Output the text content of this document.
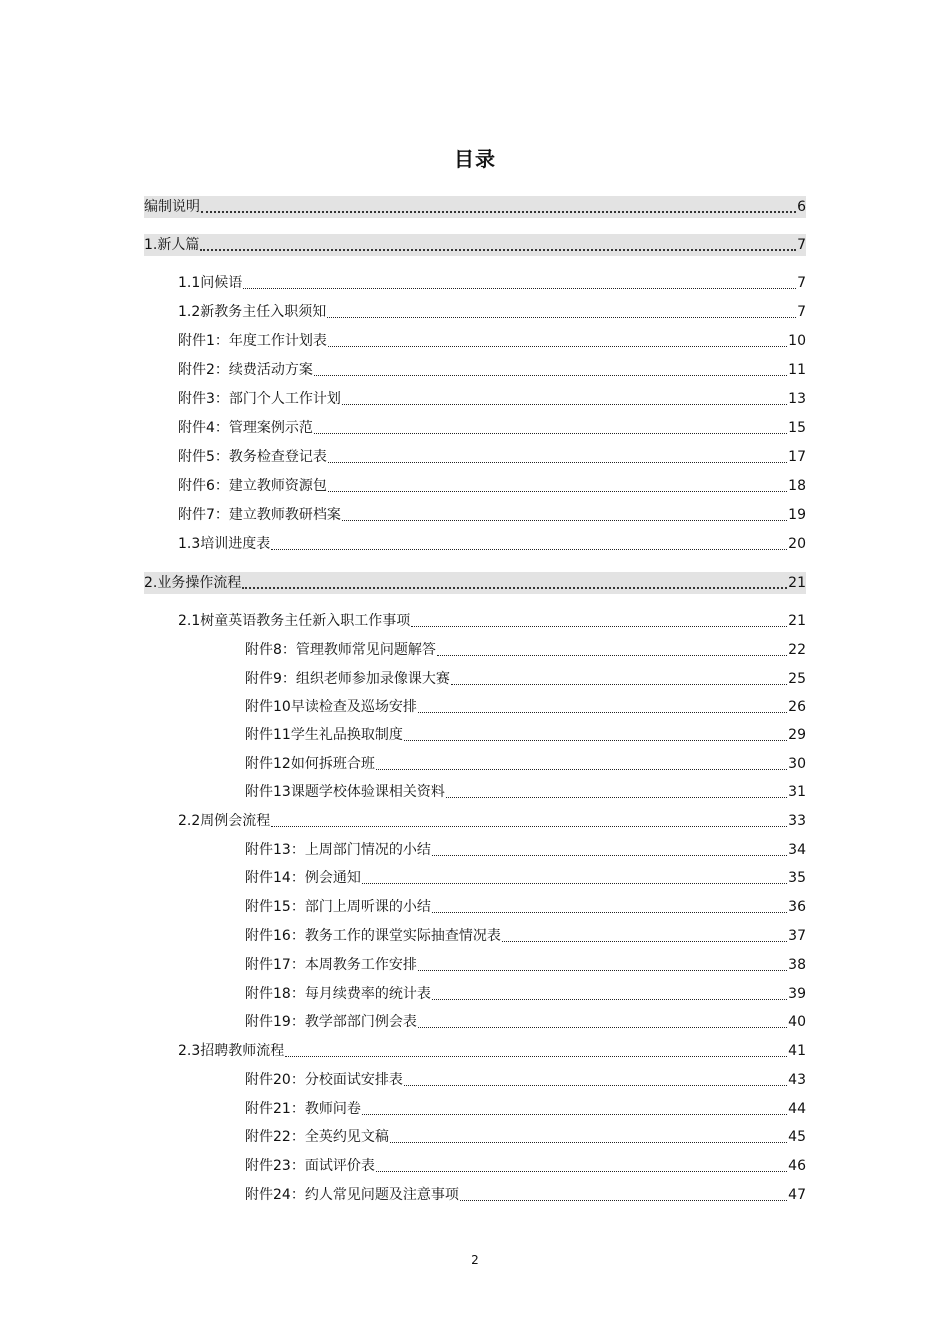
目录
编制说明	6
1.新人篇	7
1.1问候语	7
1.2新教务主任入职须知	7
附件1：年度工作计划表	10
附件2：续费活动方案	11
附件3：部门个人工作计划	13
附件4：管理案例示范	15
附件5：教务检查登记表	17
附件6：建立教师资源包	18
附件7：建立教师教研档案	19
1.3培训进度表	20
2.业务操作流程	21
2.1树童英语教务主任新入职工作事项	21
附件8：管理教师常见问题解答	22
附件9：组织老师参加录像课大赛	25
附件10早读检查及巡场安排	26
附件11学生礼品换取制度	29
附件12如何拆班合班	30
附件13课题学校体验课相关资料	31
2.2周例会流程	33
附件13：上周部门情况的小结	34
附件14：例会通知	35
附件15：部门上周听课的小结	36
附件16：教务工作的课堂实际抽查情况表	37
附件17：本周教务工作安排	38
附件18：每月续费率的统计表	39
附件19：教学部部门例会表	40
2.3招聘教师流程	41
附件20：分校面试安排表	43
附件21：教师问卷	44
附件22：全英约见文稿	45
附件23：面试评价表	46
附件24：约人常见问题及注意事项	47
2
